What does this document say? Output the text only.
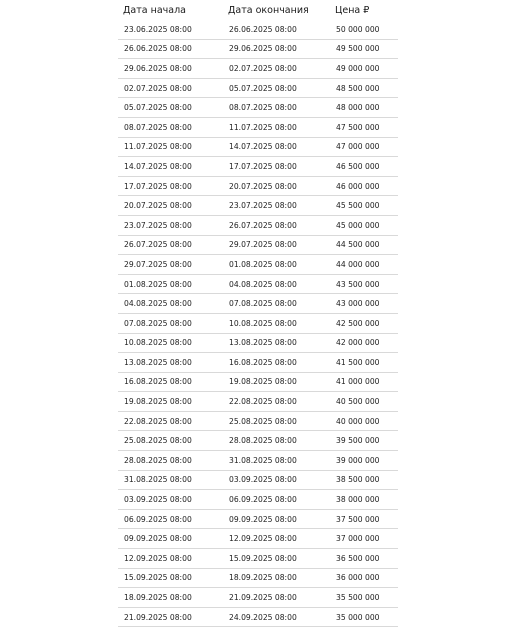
Дата начала	Дата окончания	Цена ₽
23.06.2025 08:00	26.06.2025 08:00	50 000 000
26.06.2025 08:00	29.06.2025 08:00	49 500 000
29.06.2025 08:00	02.07.2025 08:00	49 000 000
02.07.2025 08:00	05.07.2025 08:00	48 500 000
05.07.2025 08:00	08.07.2025 08:00	48 000 000
08.07.2025 08:00	11.07.2025 08:00	47 500 000
11.07.2025 08:00	14.07.2025 08:00	47 000 000
14.07.2025 08:00	17.07.2025 08:00	46 500 000
17.07.2025 08:00	20.07.2025 08:00	46 000 000
20.07.2025 08:00	23.07.2025 08:00	45 500 000
23.07.2025 08:00	26.07.2025 08:00	45 000 000
26.07.2025 08:00	29.07.2025 08:00	44 500 000
29.07.2025 08:00	01.08.2025 08:00	44 000 000
01.08.2025 08:00	04.08.2025 08:00	43 500 000
04.08.2025 08:00	07.08.2025 08:00	43 000 000
07.08.2025 08:00	10.08.2025 08:00	42 500 000
10.08.2025 08:00	13.08.2025 08:00	42 000 000
13.08.2025 08:00	16.08.2025 08:00	41 500 000
16.08.2025 08:00	19.08.2025 08:00	41 000 000
19.08.2025 08:00	22.08.2025 08:00	40 500 000
22.08.2025 08:00	25.08.2025 08:00	40 000 000
25.08.2025 08:00	28.08.2025 08:00	39 500 000
28.08.2025 08:00	31.08.2025 08:00	39 000 000
31.08.2025 08:00	03.09.2025 08:00	38 500 000
03.09.2025 08:00	06.09.2025 08:00	38 000 000
06.09.2025 08:00	09.09.2025 08:00	37 500 000
09.09.2025 08:00	12.09.2025 08:00	37 000 000
12.09.2025 08:00	15.09.2025 08:00	36 500 000
15.09.2025 08:00	18.09.2025 08:00	36 000 000
18.09.2025 08:00	21.09.2025 08:00	35 500 000
21.09.2025 08:00	24.09.2025 08:00	35 000 000
